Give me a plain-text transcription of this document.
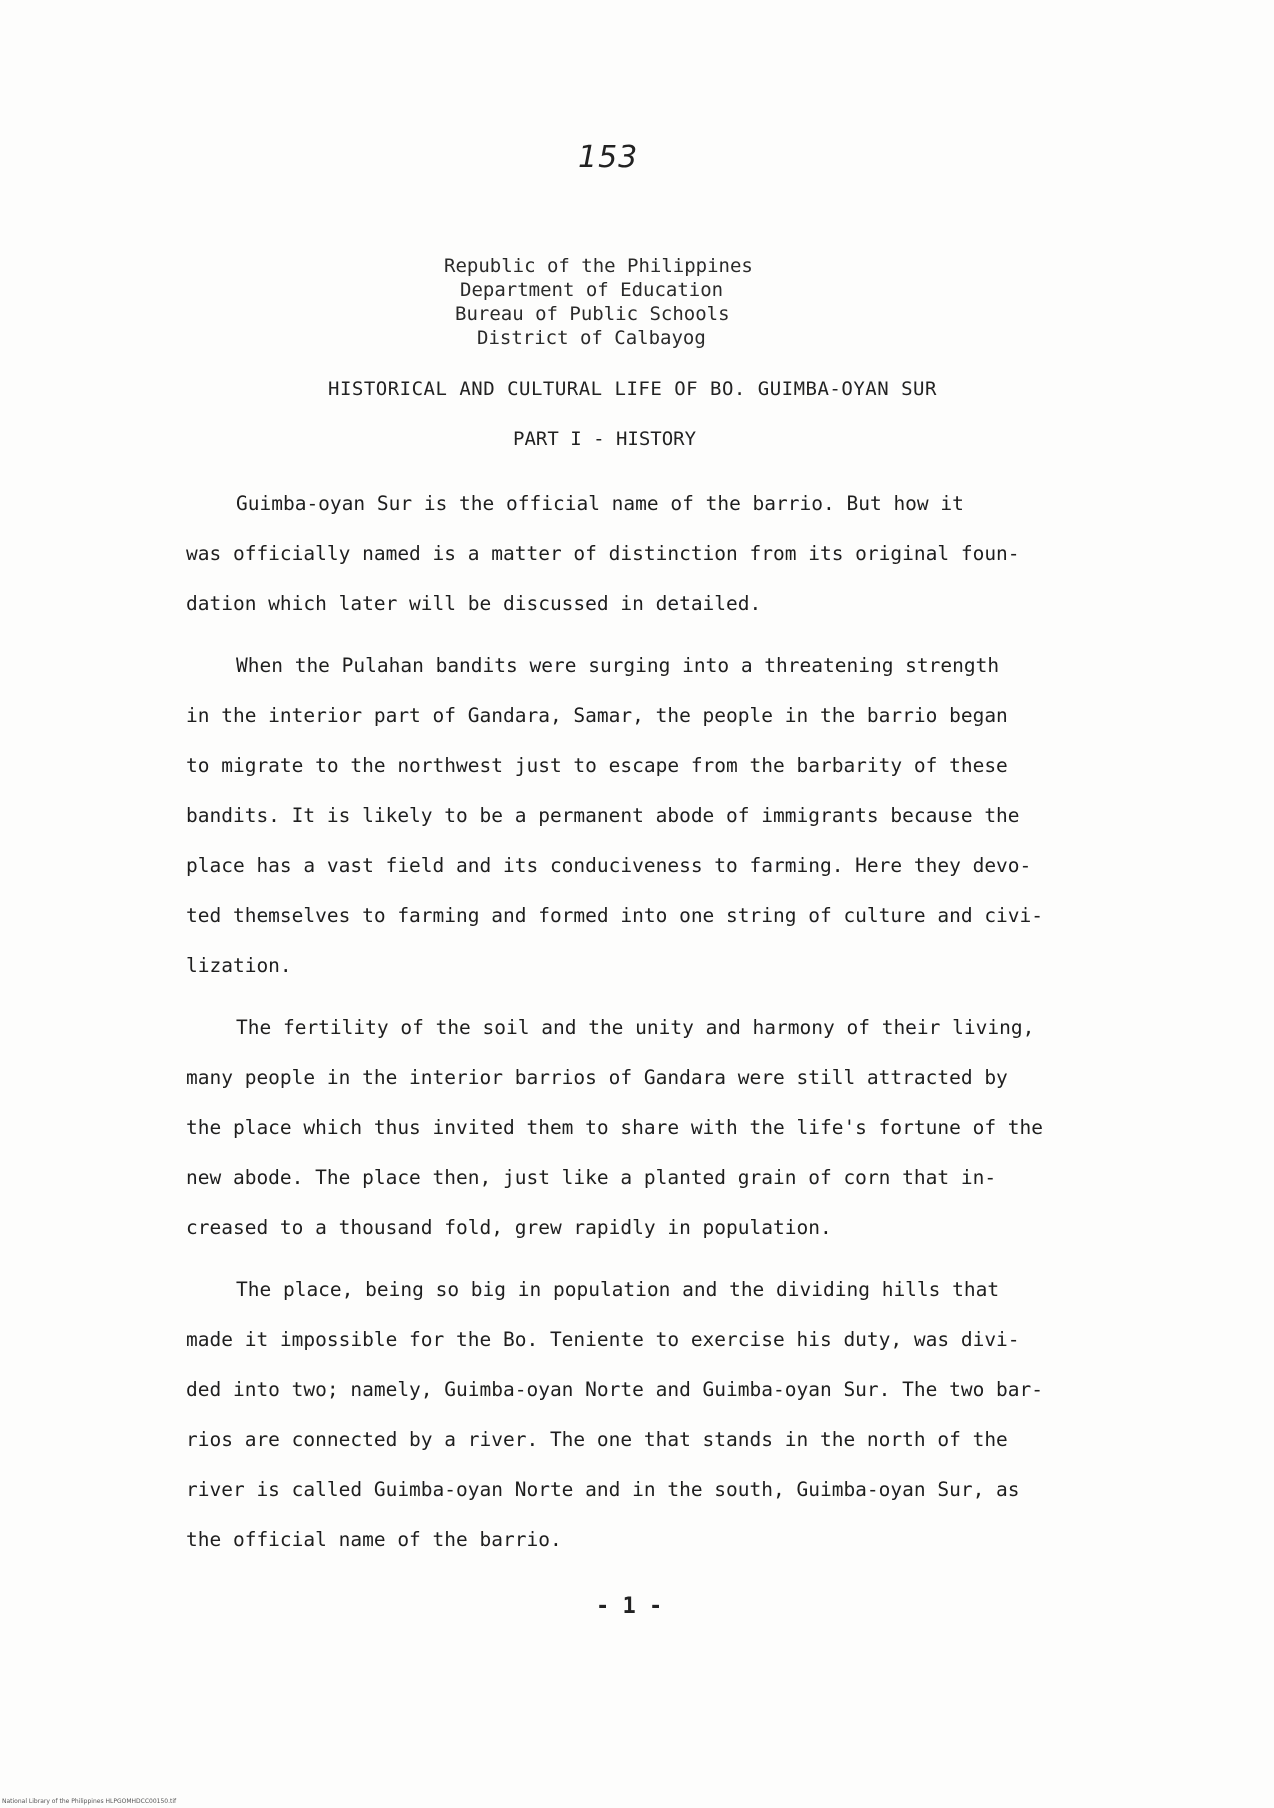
153
Republic of the Philippines
Department of Education
Bureau of Public Schools
District of Calbayog
HISTORICAL AND CULTURAL LIFE OF BO. GUIMBA-OYAN SUR
PART I - HISTORY
Guimba-oyan Sur is the official name of the barrio. But how it
was officially named is a matter of distinction from its original foun-
dation which later will be discussed in detailed.
When the Pulahan bandits were surging into a threatening strength
in the interior part of Gandara, Samar, the people in the barrio began
to migrate to the northwest just to escape from the barbarity of these
bandits. It is likely to be a permanent abode of immigrants because the
place has a vast field and its conduciveness to farming. Here they devo-
ted themselves to farming and formed into one string of culture and civi-
lization.
The fertility of the soil and the unity and harmony of their living,
many people in the interior barrios of Gandara were still attracted by
the place which thus invited them to share with the life's fortune of the
new abode. The place then, just like a planted grain of corn that in-
creased to a thousand fold, grew rapidly in population.
The place, being so big in population and the dividing hills that
made it impossible for the Bo. Teniente to exercise his duty, was divi-
ded into two; namely, Guimba-oyan Norte and Guimba-oyan Sur. The two bar-
rios are connected by a river. The one that stands in the north of the
river is called Guimba-oyan Norte and in the south, Guimba-oyan Sur, as
the official name of the barrio.
- 1 -
National Library of the Philippines HLPGOMHDCC00150.tif
